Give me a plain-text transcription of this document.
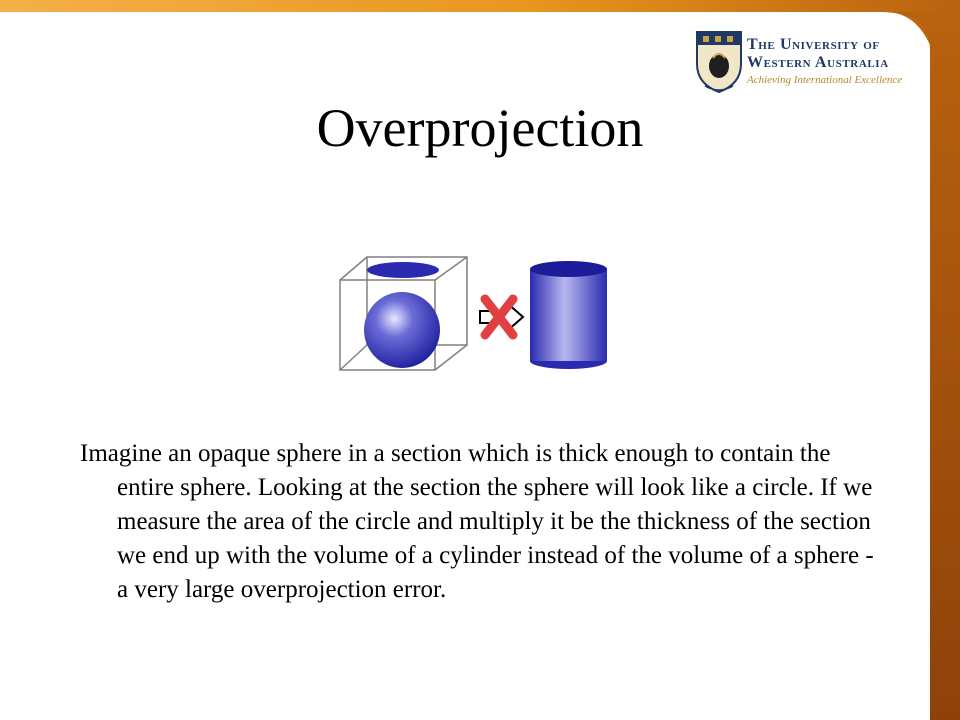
The University of
Western Australia
Achieving International Excellence
Overprojection
Imagine an opaque sphere in a section which is thick enough to contain the entire sphere. Looking at the section the sphere will look like a circle. If we measure the area of the circle and multiply it be the thickness of the section we end up with the volume of a cylinder instead of the volume of a sphere - a very large overprojection error.
